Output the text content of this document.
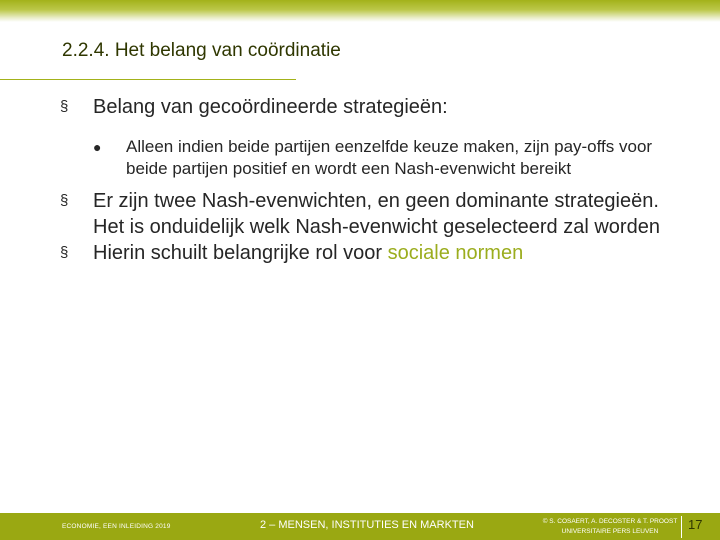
2.2.4. Het belang van coördinatie
§ Belang van gecoördineerde strategieën:
● Alleen indien beide partijen eenzelfde keuze maken, zijn pay-offs voor beide partijen positief en wordt een Nash-evenwicht bereikt
§ Er zijn twee Nash-evenwichten, en geen dominante strategieën. Het is onduidelijk welk Nash-evenwicht geselecteerd zal worden
§ Hierin schuilt belangrijke rol voor sociale normen
ECONOMIE, EEN INLEIDING 2019	2 – MENSEN, INSTITUTIES EN MARKTEN	© S. COSAERT, A. DECOSTER & T. PROOST
UNIVERSITAIRE PERS LEUVEN	17
